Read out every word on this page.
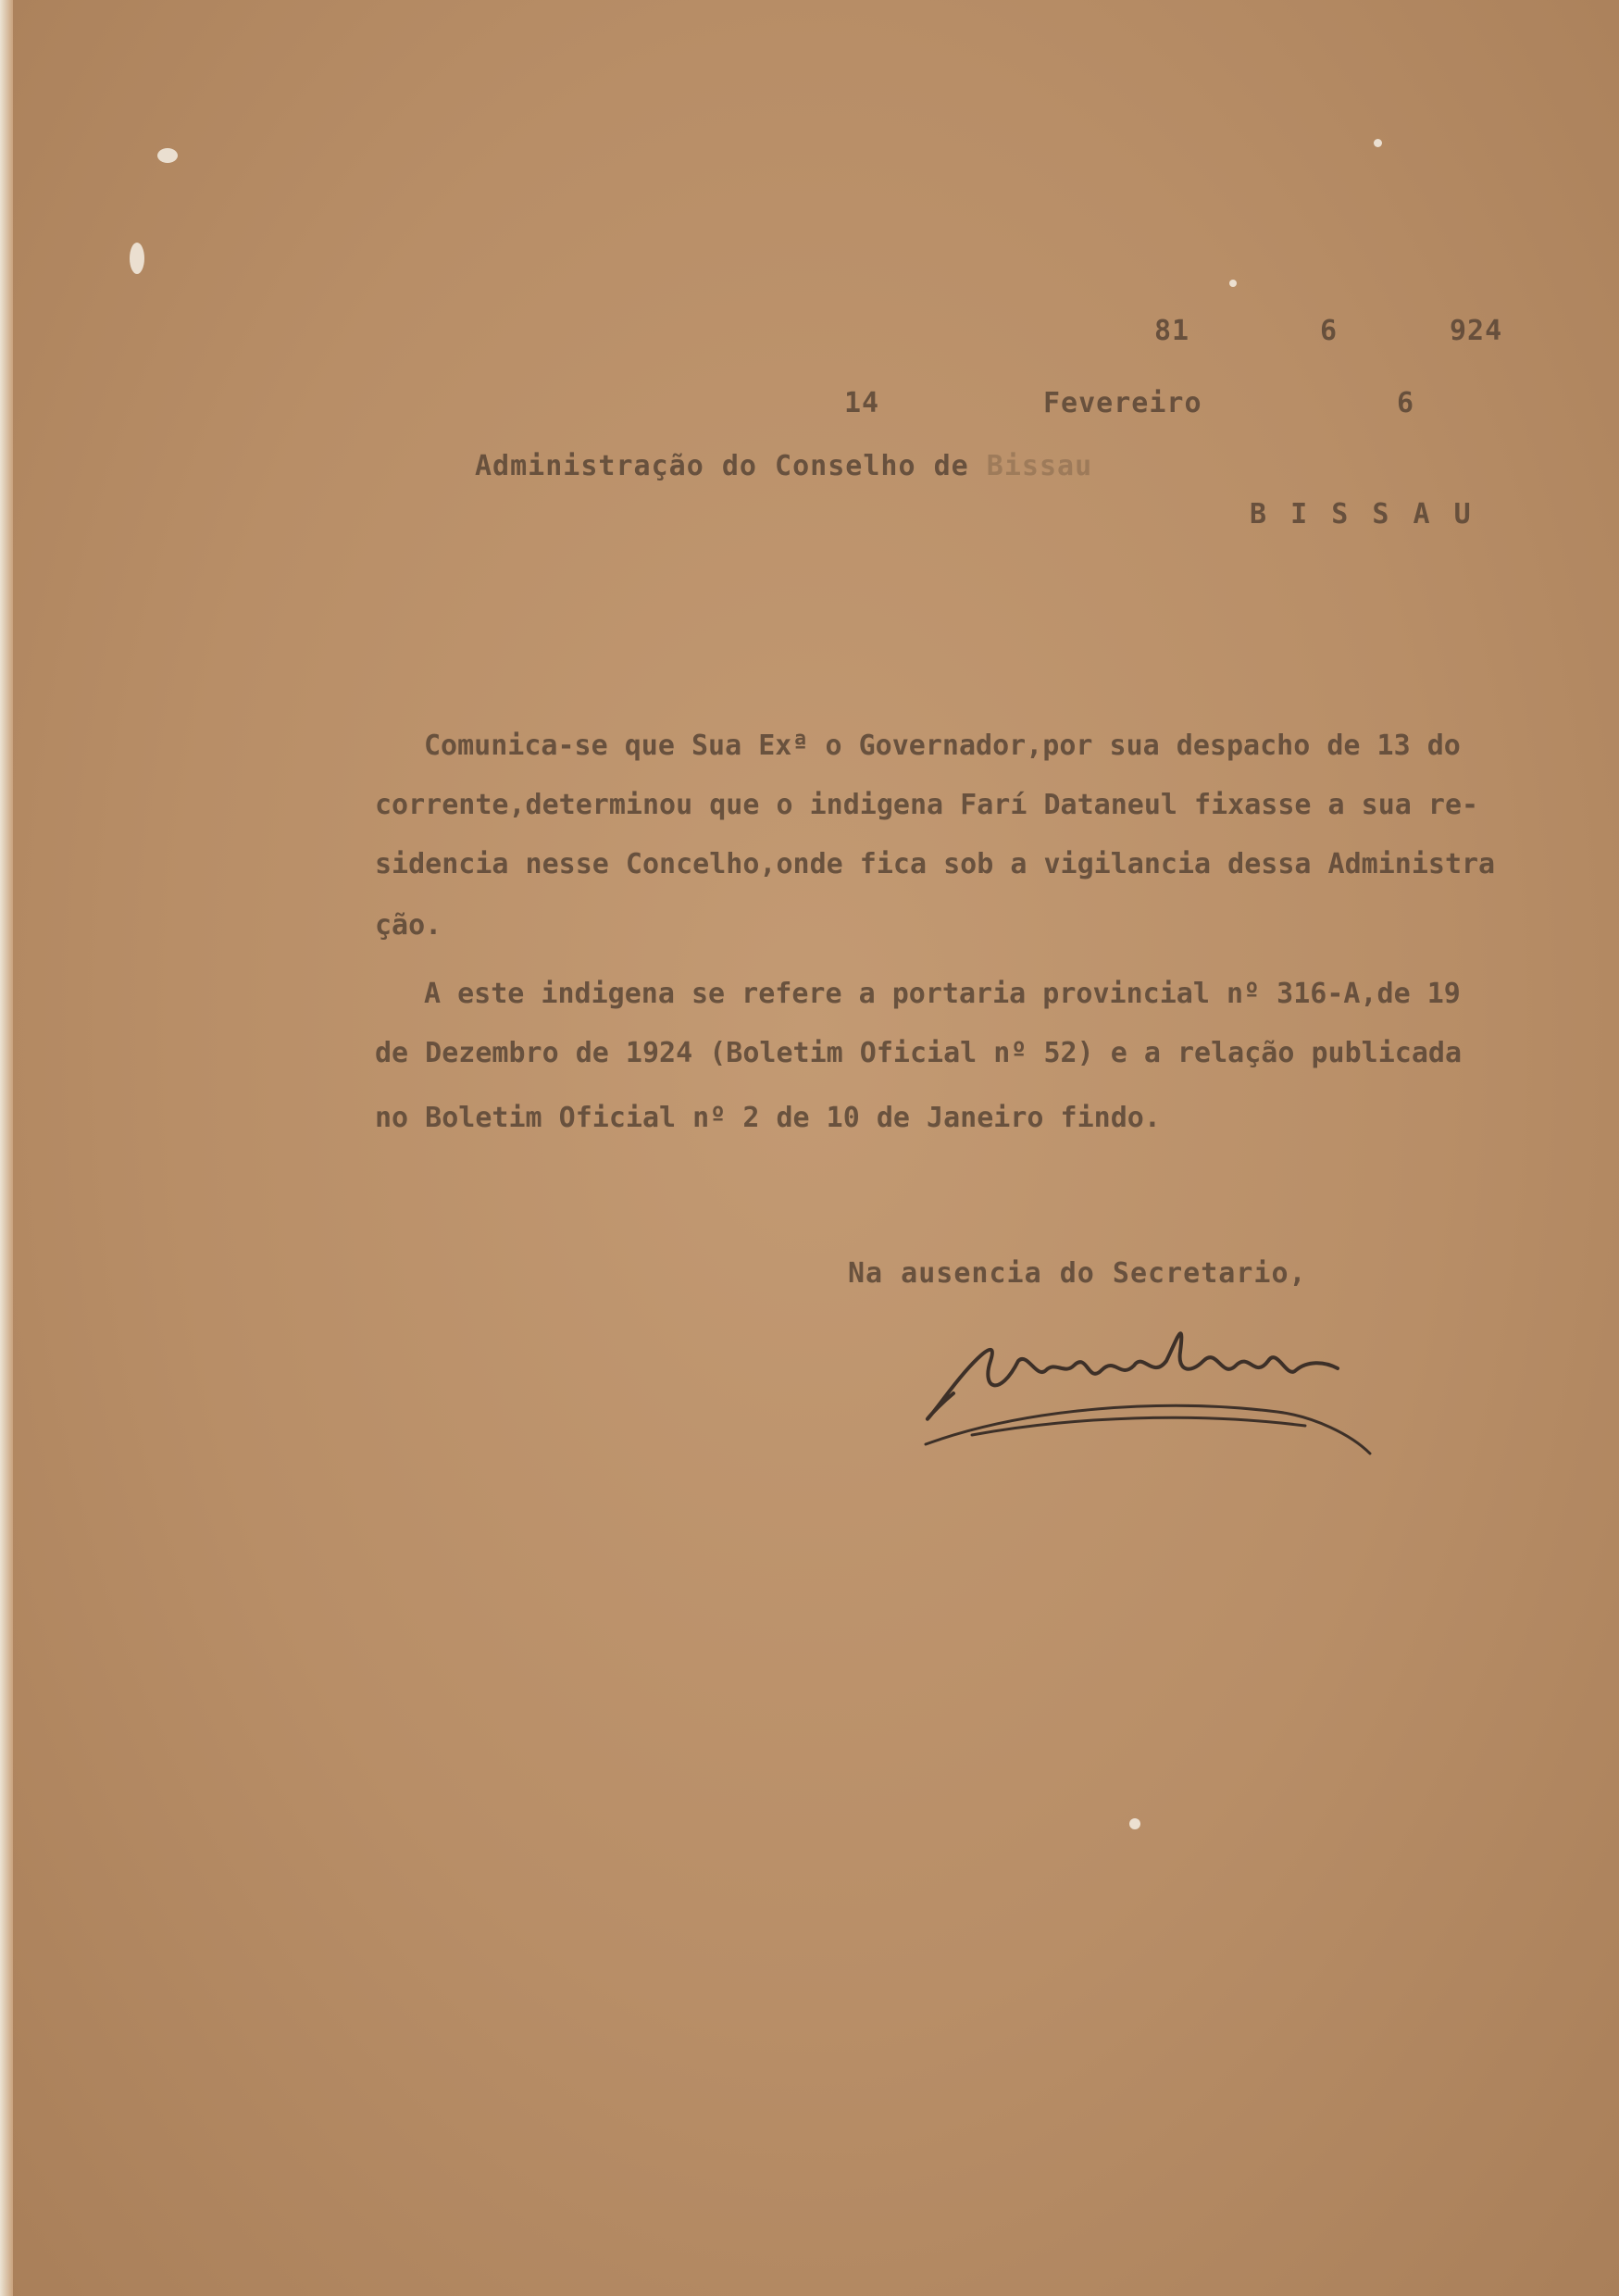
81	6	924
14	Fevereiro	6
Administração do Conselho de Bissau
B I S S A U
Comunica-se que Sua Exª o Governador,por sua despacho de 13 do
corrente,determinou que o indigena Farí Dataneul fixasse a sua re-
sidencia nesse Concelho,onde fica sob a vigilancia dessa Administra
ção.
A este indigena se refere a portaria provincial nº 316-A,de 19
de Dezembro de 1924 (Boletim Oficial nº 52) e a relação publicada
no Boletim Oficial nº 2 de 10 de Janeiro findo.
Na ausencia do Secretario,
